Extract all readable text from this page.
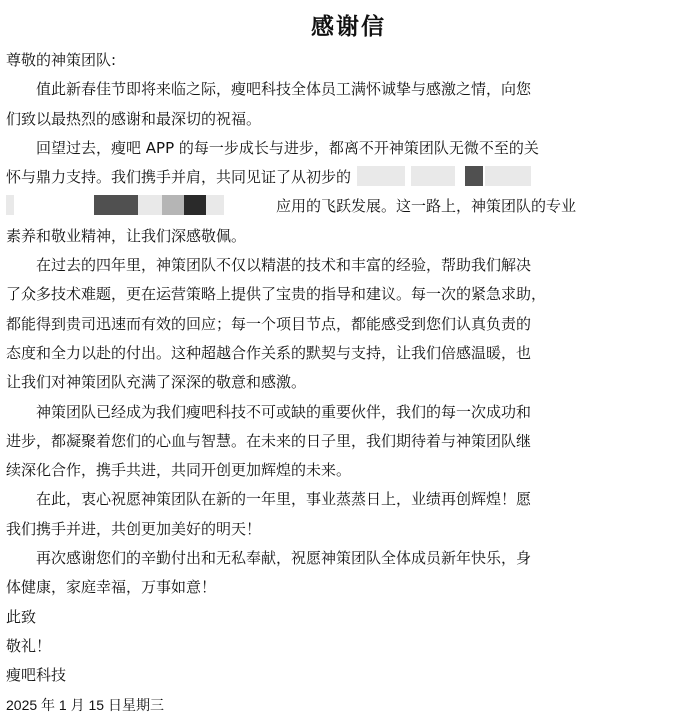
感谢信
尊敬的神策团队:
值此新春佳节即将来临之际，瘦吧科技全体员工满怀诚挚与感激之情，向您
们致以最热烈的感谢和最深切的祝福。
回望过去，瘦吧 APP 的每一步成长与进步，都离不开神策团队无微不至的关
怀与鼎力支持。我们携手并肩，共同见证了从初步的
应用的飞跃发展。这一路上，神策团队的专业
素养和敬业精神，让我们深感敬佩。
在过去的四年里，神策团队不仅以精湛的技术和丰富的经验，帮助我们解决
了众多技术难题，更在运营策略上提供了宝贵的指导和建议。每一次的紧急求助，
都能得到贵司迅速而有效的回应；每一个项目节点，都能感受到您们认真负责的
态度和全力以赴的付出。这种超越合作关系的默契与支持，让我们倍感温暖，也
让我们对神策团队充满了深深的敬意和感激。
神策团队已经成为我们瘦吧科技不可或缺的重要伙伴，我们的每一次成功和
进步，都凝聚着您们的心血与智慧。在未来的日子里，我们期待着与神策团队继
续深化合作，携手共进，共同开创更加辉煌的未来。
在此，衷心祝愿神策团队在新的一年里，事业蒸蒸日上，业绩再创辉煌！愿
我们携手并进，共创更加美好的明天！
再次感谢您们的辛勤付出和无私奉献，祝愿神策团队全体成员新年快乐，身
体健康，家庭幸福，万事如意！
此致
敬礼！
瘦吧科技
2025 年 1 月 15 日星期三
